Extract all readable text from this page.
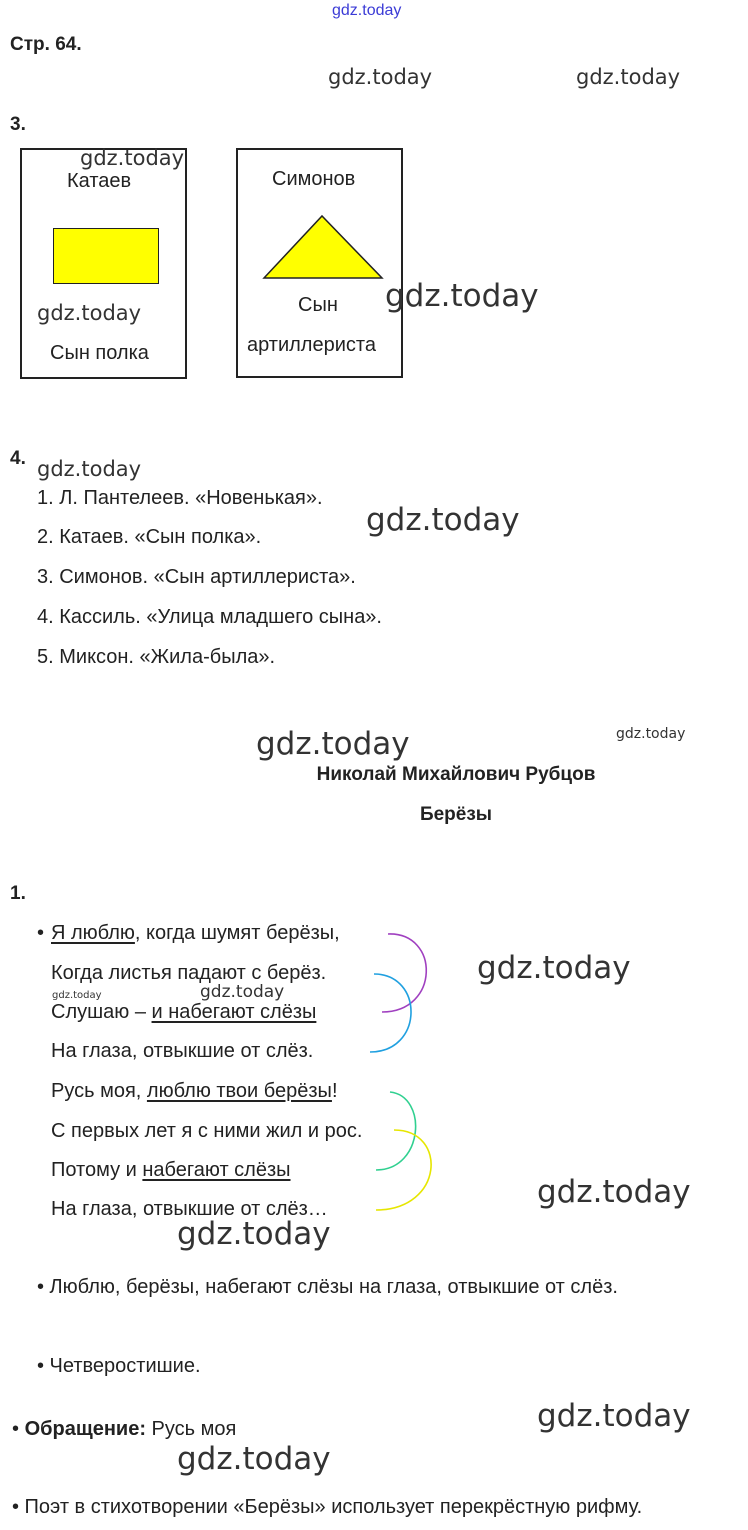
gdz.today
gdz.today	gdz.today
gdz.today
gdz.today
gdz.today	gdz.today
gdz.today
gdz.today	gdz.today
gdz.today
gdz.today
gdz.today
gdz.today
Стр. 64.
3.
Катаев
Сын полка
gdz.today
gdz.today
Симонов
Сын
артиллериста
gdz.today
4.
1. Л. Пантелеев. «Новенькая».
2. Катаев. «Сын полка».
3. Симонов. «Сын артиллериста».
4. Кассиль. «Улица младшего сына».
5. Миксон. «Жила-была».
Николай Михайлович Рубцов
Берёзы
1.
• Я люблю, когда шумят берёзы,
Когда листья падают с берёз.
Слушаю – и набегают слёзы
На глаза, отвыкшие от слёз.
Русь моя, люблю твои берёзы!
С первых лет я с ними жил и рос.
Потому и набегают слёзы
На глаза, отвыкшие от слёз…
• Люблю, берёзы, набегают слёзы на глаза, отвыкшие от слёз.
• Четверостишие.
• Обращение: Русь моя
• Поэт в стихотворении «Берёзы» использует перекрёстную рифму.
